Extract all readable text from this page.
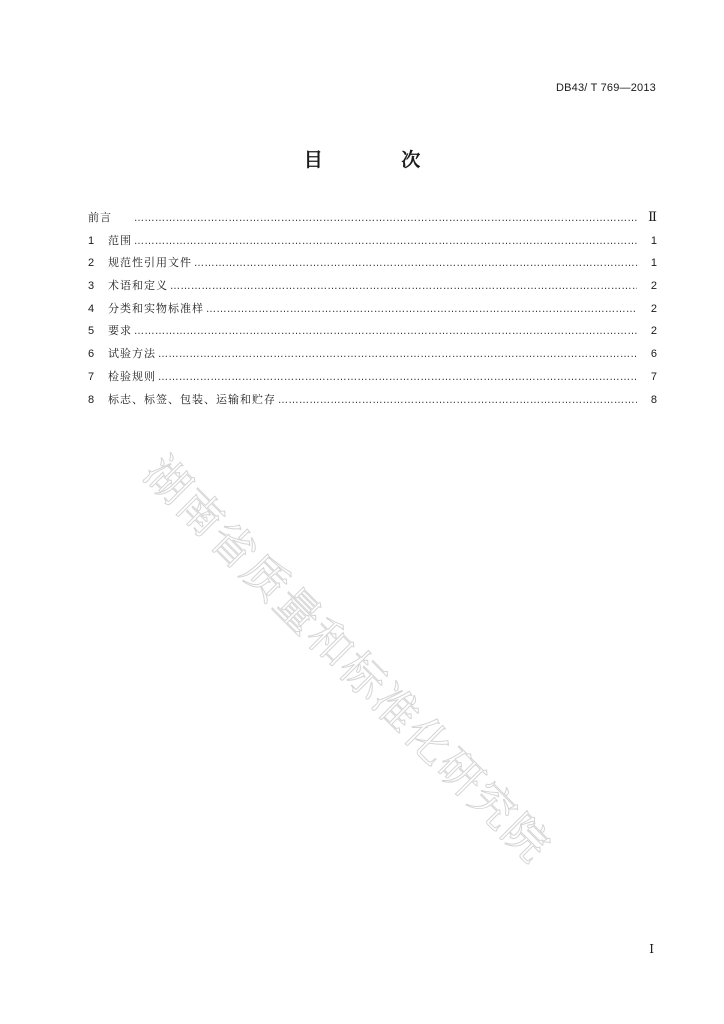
DB43/ T 769—2013
目 次
湖南省质量和标准化研究院
前言 ……………………………………………………………………………………………………………………………………………………………………	Ⅱ
1	范围 ……………………………………………………………………………………………………………………………………………………………………	1
2	规范性引用文件 ……………………………………………………………………………………………………………………………………………………………………	1
3	术语和定义 ……………………………………………………………………………………………………………………………………………………………………	2
4	分类和实物标准样 ……………………………………………………………………………………………………………………………………………………………………	2
5	要求 ……………………………………………………………………………………………………………………………………………………………………	2
6	试验方法 ……………………………………………………………………………………………………………………………………………………………………	6
7	检验规则 ……………………………………………………………………………………………………………………………………………………………………	7
8	标志、标签、包装、运输和贮存 ……………………………………………………………………………………………………………………………………………………………………	8
I
